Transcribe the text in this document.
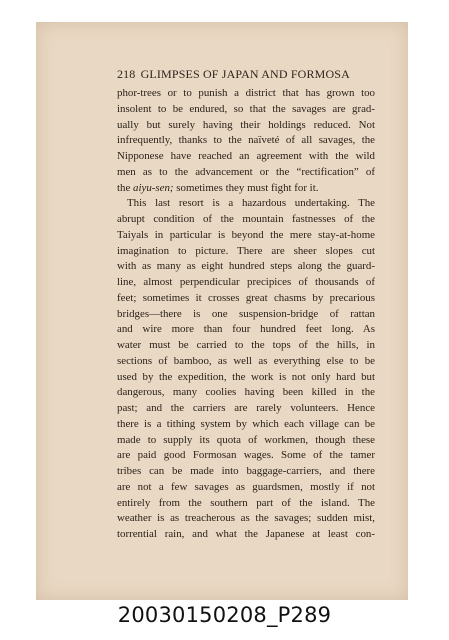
218 GLIMPSES OF JAPAN AND FORMOSA
phor-trees or to punish a district that has grown too
insolent to be endured, so that the savages are grad-
ually but surely having their holdings reduced. Not
infrequently, thanks to the naïveté of all savages, the
Nipponese have reached an agreement with the wild
men as to the advancement or the “rectification” of
the aiyu-sen; sometimes they must fight for it.
This last resort is a hazardous undertaking. The
abrupt condition of the mountain fastnesses of the
Taiyals in particular is beyond the mere stay-at-home
imagination to picture. There are sheer slopes cut
with as many as eight hundred steps along the guard-
line, almost perpendicular precipices of thousands of
feet; sometimes it crosses great chasms by precarious
bridges—there is one suspension-bridge of rattan
and wire more than four hundred feet long. As
water must be carried to the tops of the hills, in
sections of bamboo, as well as everything else to be
used by the expedition, the work is not only hard but
dangerous, many coolies having been killed in the
past; and the carriers are rarely volunteers. Hence
there is a tithing system by which each village can be
made to supply its quota of workmen, though these
are paid good Formosan wages. Some of the tamer
tribes can be made into baggage-carriers, and there
are not a few savages as guardsmen, mostly if not
entirely from the southern part of the island. The
weather is as treacherous as the savages; sudden mist,
torrential rain, and what the Japanese at least con-
20030150208_P289
